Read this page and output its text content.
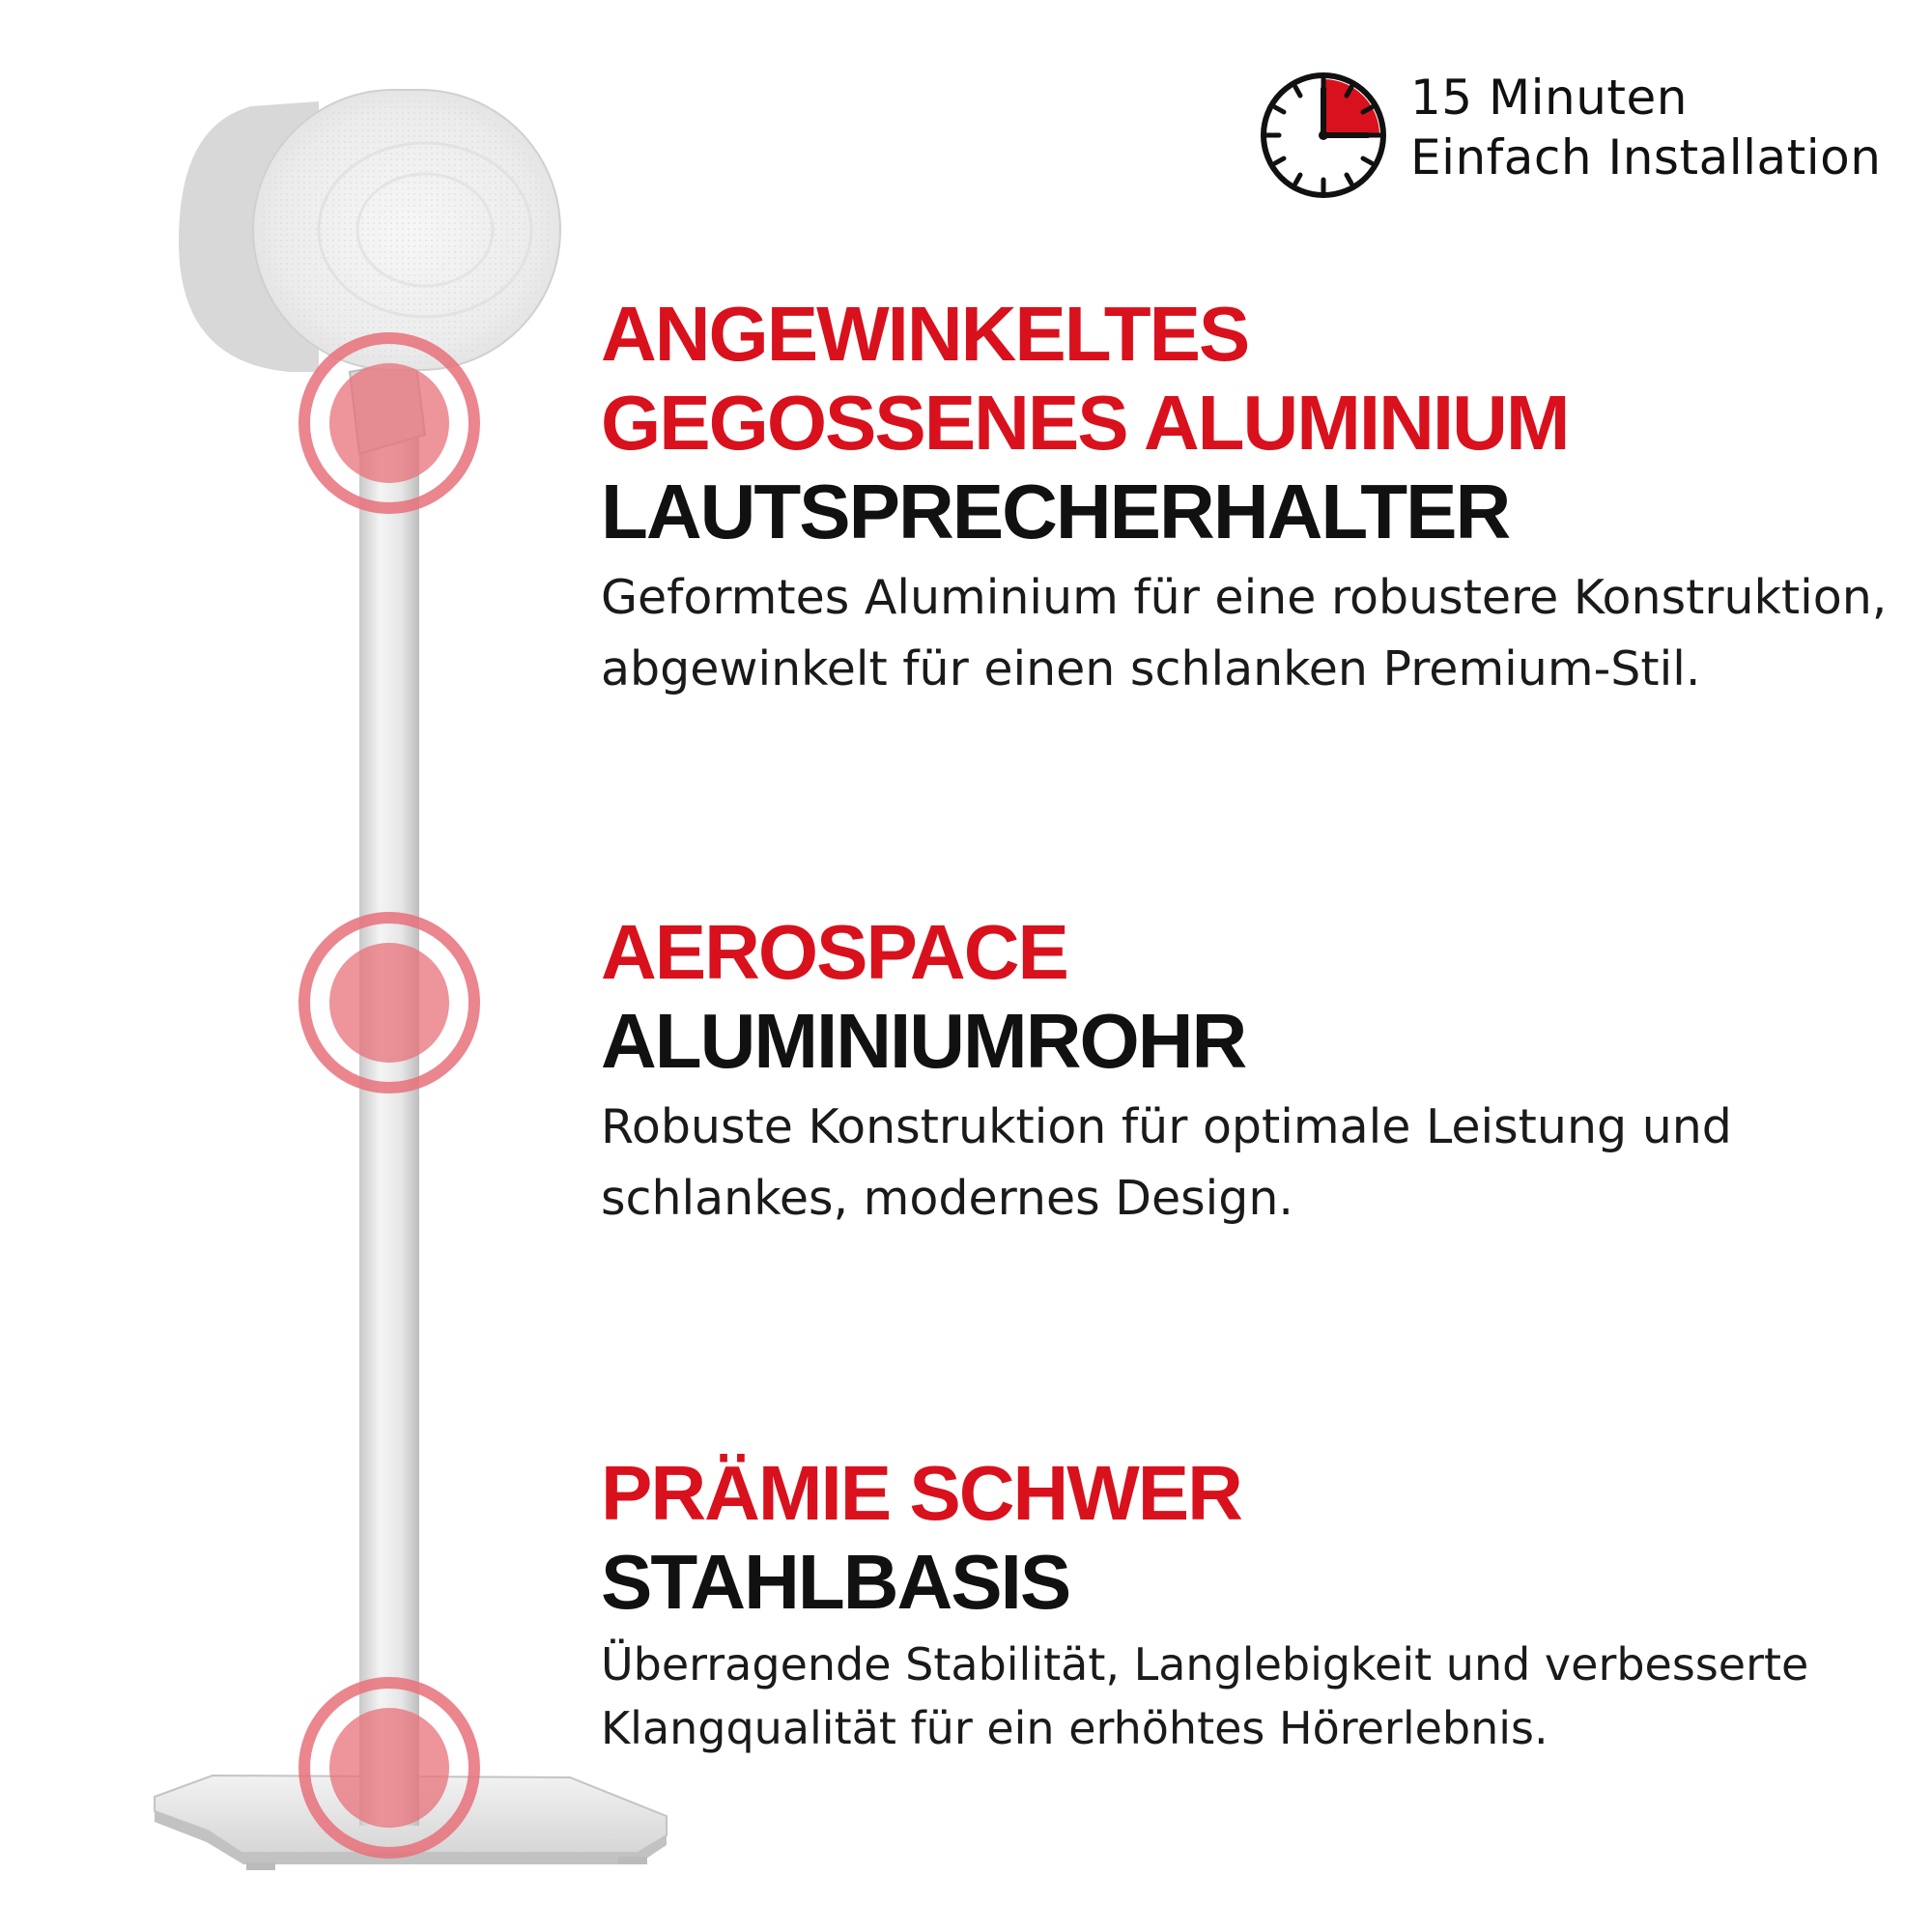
15 Minuten
Einfach Installation
ANGEWINKELTES
GEGOSSENES ALUMINIUM
LAUTSPRECHERHALTER
Geformtes Aluminium für eine robustere Konstruktion, abgewinkelt für einen schlanken Premium-Stil.
AEROSPACE
ALUMINIUMROHR
Robuste Konstruktion für optimale Leistung und schlankes, modernes Design.
PRÄMIE SCHWER
STAHLBASIS
Überragende Stabilität, Langlebigkeit und verbesserte Klangqualität für ein erhöhtes Hörerlebnis.
